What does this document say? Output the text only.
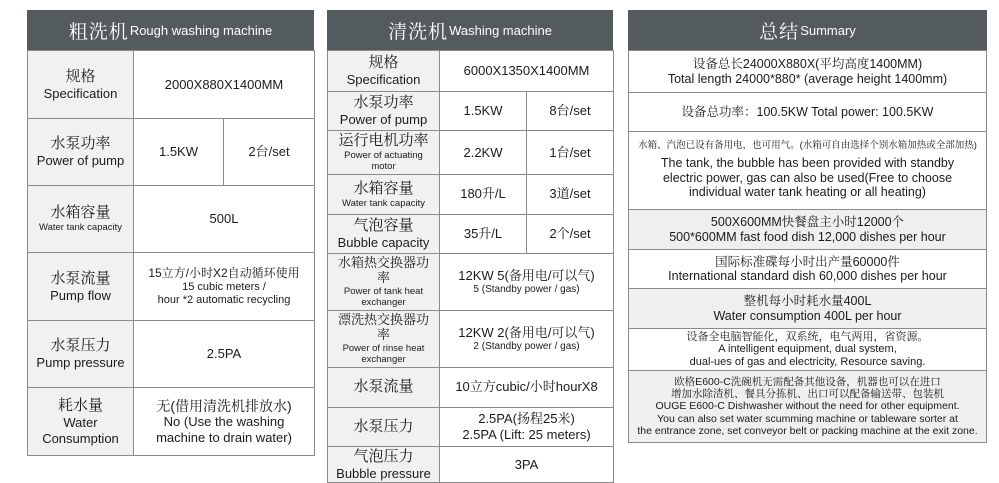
粗洗机 Rough washing machine
规格
Specification	2000X880X1400MM	

水泵功率
Power of pump	1.5KW	2台/set

水箱容量
Water tank capacity	500L	

水泵流量
Pump flow	15立方/小时X2自动循环使用
15 cubic meters /
hour *2 automatic recycling	

水泵压力
Pump pressure	2.5PA	

耗水量
Water
Consumption	无(借用清洗机排放水)
No (Use the washing
machine to drain water)	
清洗机 Washing machine
规格
Specification	6000X1350X1400MM	

水泵功率
Power of pump	1.5KW	8台/set

运行电机功率
Power of actuating motor	2.2KW	1台/set

水箱容量
Water tank capacity	180升/L	3道/set

气泡容量
Bubble capacity	35升/L	2个/set

水箱热交换器功率
Power of tank heat exchanger	12KW 5(备用电/可以气)
5 (Standby power / gas)	

漂洗热交换器功率
Power of rinse heat exchanger	12KW 2(备用电/可以气)
2 (Standby power / gas)	

水泵流量	10立方cubic/小时hourX8	

水泵压力	2.5PA(扬程25米)
2.5PA (Lift: 25 meters)	

气泡压力
Bubble pressure	3PA	
总结 Summary
设备总长24000X880X(平均高度1400MM)
Total length 24000*880* (average height 1400mm)

设备总功率：100.5KW Total power: 100.5KW

水箱、汽泡已设有备用电，也可用气。(水箱可自由选择个别水箱加热或全部加热)
The tank, the bubble has been provided with standby
electric power, gas can also be used(Free to choose
individual water tank heating or all heating)

500X600MM快餐盘主小时12000个
500*600MM fast food dish 12,000 dishes per hour

国际标准碟每小时出产量60000件
International standard dish 60,000 dishes per hour

整机每小时耗水量400L
Water consumption 400L per hour

设备全电脑智能化，双系统，电气两用，省资源。
A intelligent equipment, dual system,
dual-ues of gas and electricity, Resource saving.

欧格E600-C洗碗机无需配备其他设备，机器也可以在进口
增加水除渣机、餐具分拣机、出口可以配备输送带、包装机
OUGE E600-C Dishwasher without the need for other equipment.
You can also set water scumming machine or tableware sorter at
the entrance zone, set conveyor belt or packing machine at the exit zone.
